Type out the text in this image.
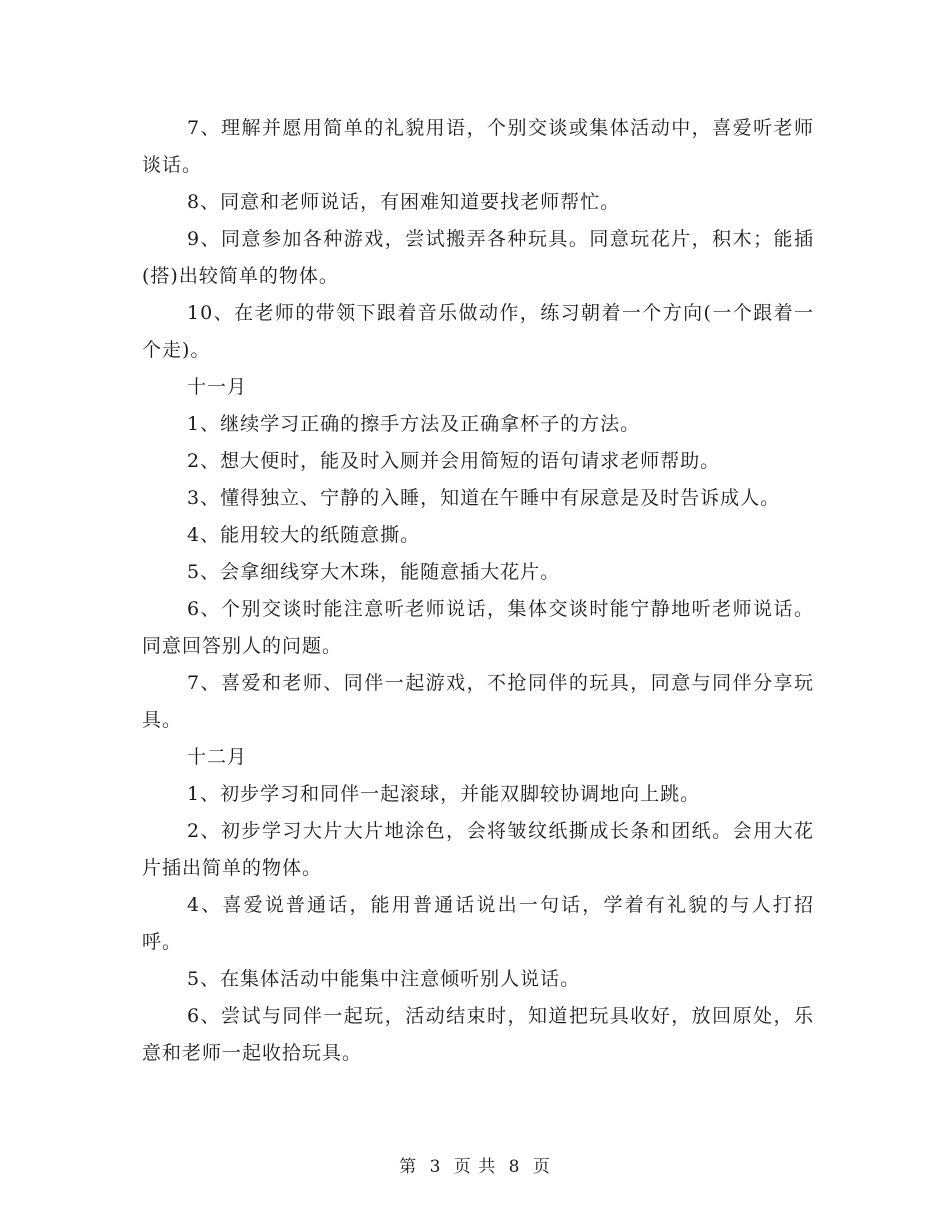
7、理解并愿用简单的礼貌用语，个别交谈或集体活动中，喜爱听老师谈话。

8、同意和老师说话，有困难知道要找老师帮忙。

9、同意参加各种游戏，尝试搬弄各种玩具。同意玩花片，积木；能插(搭)出较简单的物体。

10、在老师的带领下跟着音乐做动作，练习朝着一个方向(一个跟着一个走)。

十一月

1、继续学习正确的擦手方法及正确拿杯子的方法。

2、想大便时，能及时入厕并会用简短的语句请求老师帮助。

3、懂得独立、宁静的入睡，知道在午睡中有尿意是及时告诉成人。

4、能用较大的纸随意撕。

5、会拿细线穿大木珠，能随意插大花片。

6、个别交谈时能注意听老师说话，集体交谈时能宁静地听老师说话。同意回答别人的问题。

7、喜爱和老师、同伴一起游戏，不抢同伴的玩具，同意与同伴分享玩具。

十二月

1、初步学习和同伴一起滚球，并能双脚较协调地向上跳。

2、初步学习大片大片地涂色，会将皱纹纸撕成长条和团纸。会用大花片插出简单的物体。

4、喜爱说普通话，能用普通话说出一句话，学着有礼貌的与人打招呼。

5、在集体活动中能集中注意倾听别人说话。

6、尝试与同伴一起玩，活动结束时，知道把玩具收好，放回原处，乐意和老师一起收拾玩具。

第 3 页 共 8 页
